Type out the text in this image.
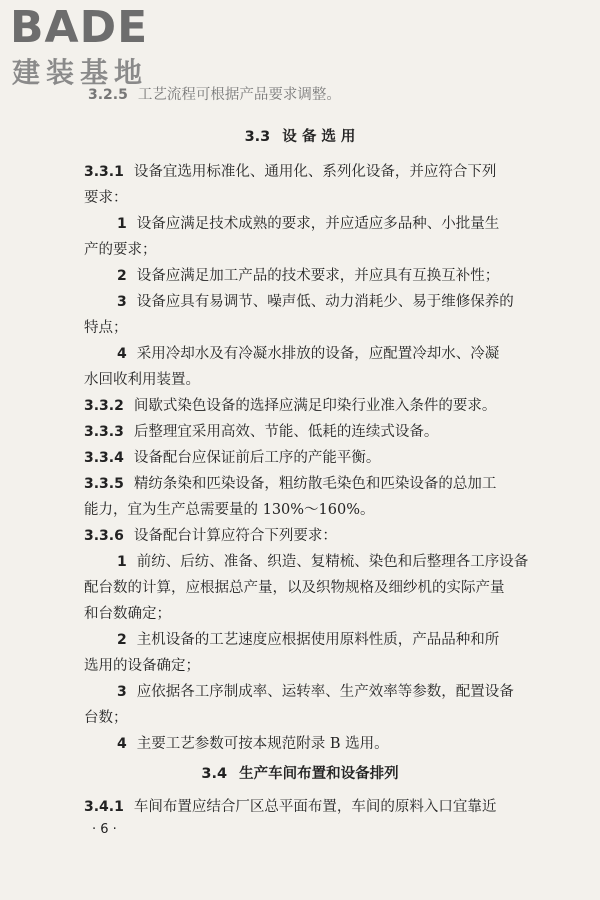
BADE
建装基地
3.2.5 工艺流程可根据产品要求调整。
3.3 设 备 选 用
3.3.1 设备宜选用标准化、通用化、系列化设备，并应符合下列
要求：
1 设备应满足技术成熟的要求，并应适应多品种、小批量生
产的要求；
2 设备应满足加工产品的技术要求，并应具有互换互补性；
3 设备应具有易调节、噪声低、动力消耗少、易于维修保养的
特点；
4 采用冷却水及有冷凝水排放的设备，应配置冷却水、冷凝
水回收利用装置。
3.3.2 间歇式染色设备的选择应满足印染行业准入条件的要求。
3.3.3 后整理宜采用高效、节能、低耗的连续式设备。
3.3.4 设备配台应保证前后工序的产能平衡。
3.3.5 精纺条染和匹染设备，粗纺散毛染色和匹染设备的总加工
能力，宜为生产总需要量的 130%～160%。
3.3.6 设备配台计算应符合下列要求：
1 前纺、后纺、准备、织造、复精梳、染色和后整理各工序设备
配台数的计算，应根据总产量，以及织物规格及细纱机的实际产量
和台数确定；
2 主机设备的工艺速度应根据使用原料性质，产品品种和所
选用的设备确定；
3 应依据各工序制成率、运转率、生产效率等参数，配置设备
台数；
4 主要工艺参数可按本规范附录 B 选用。
3.4 生产车间布置和设备排列
3.4.1 车间布置应结合厂区总平面布置，车间的原料入口宜靠近
· 6 ·
